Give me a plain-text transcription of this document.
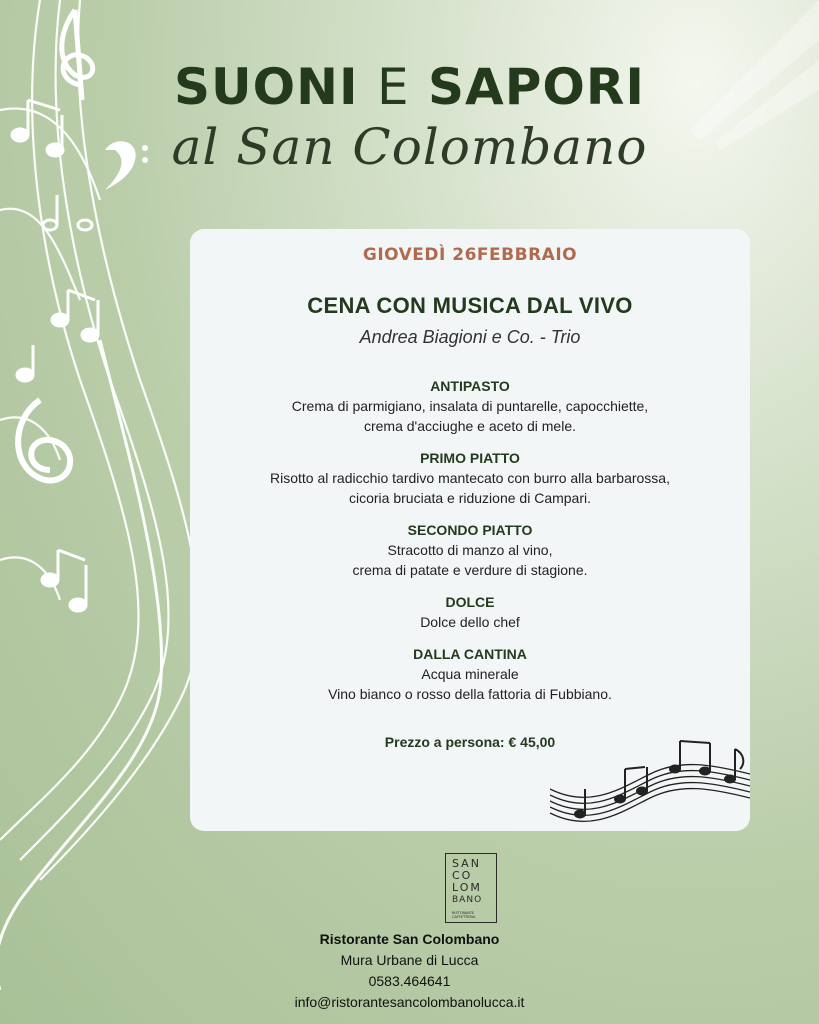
SUONI E SAPORI
al San Colombano
GIOVEDÌ 26FEBBRAIO
CENA CON MUSICA DAL VIVO
Andrea Biagioni e Co. - Trio
ANTIPASTO
Crema di parmigiano, insalata di puntarelle, capocchiette,
crema d'acciughe e aceto di mele.
PRIMO PIATTO
Risotto al radicchio tardivo mantecato con burro alla barbarossa,
cicoria bruciata e riduzione di Campari.
SECONDO PIATTO
Stracotto di manzo al vino,
crema di patate e verdure di stagione.
DOLCE
Dolce dello chef
DALLA CANTINA
Acqua minerale
Vino bianco o rosso della fattoria di Fubbiano.
Prezzo a persona: € 45,00
SAN
CO
LOM
BANO
RISTORANTE CAFFETTERIA
Ristorante San Colombano
Mura Urbane di Lucca
0583.464641
info@ristorantesancolombanolucca.it
